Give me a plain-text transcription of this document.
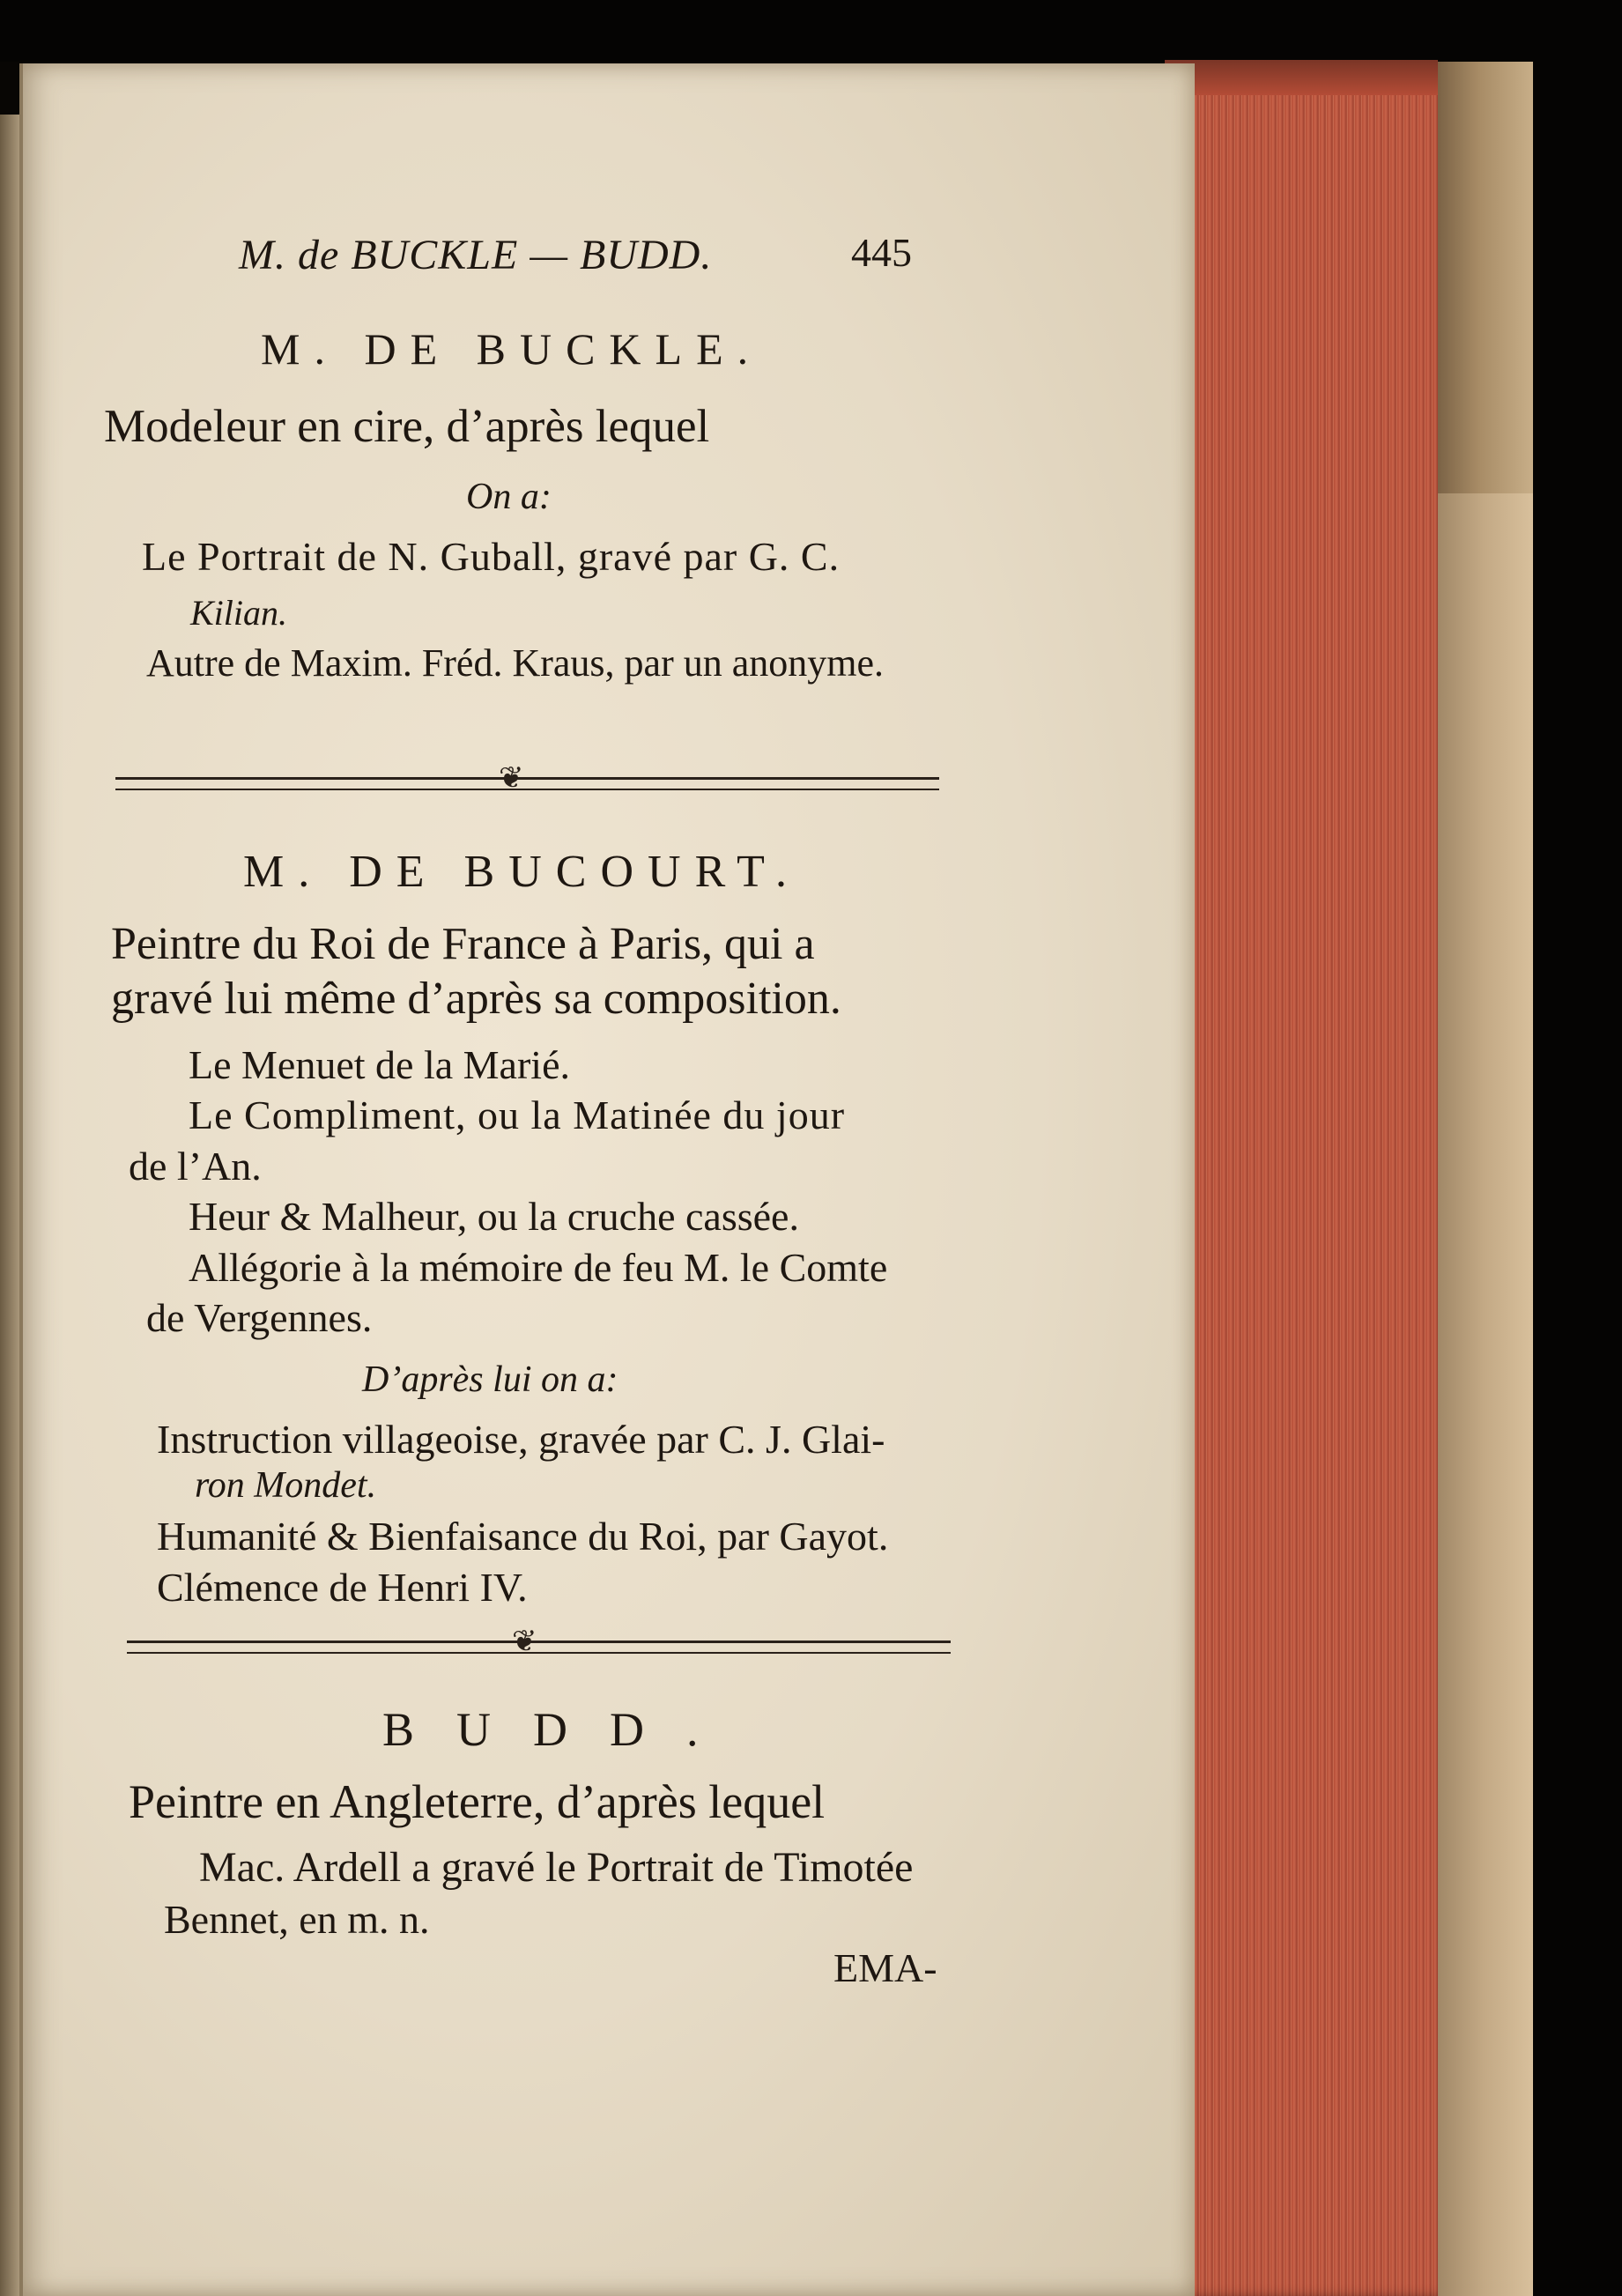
M. de BUCKLE — BUDD.	445
M. DE BUCKLE.
Modeleur en cire, d’après lequel
On a:
Le Portrait de N. Guball, gravé par G. C.
Kilian.
Autre de Maxim. Fréd. Kraus, par un anonyme.
❦
M. DE BUCOURT.
Peintre du Roi de France à Paris, qui a
gravé lui même d’après sa composition.
Le Menuet de la Marié.
Le Compliment, ou la Matinée du jour
de l’An.
Heur & Malheur, ou la cruche cassée.
Allégorie à la mémoire de feu M. le Comte
de Vergennes.
D’après lui on a:
Instruction villageoise, gravée par C. J. Glai-
ron Mondet.
Humanité & Bienfaisance du Roi, par Gayot.
Clémence de Henri IV.
❦
BUDD.
Peintre en Angleterre, d’après lequel
Mac. Ardell a gravé le Portrait de Timotée
Bennet, en m. n.
EMA-
